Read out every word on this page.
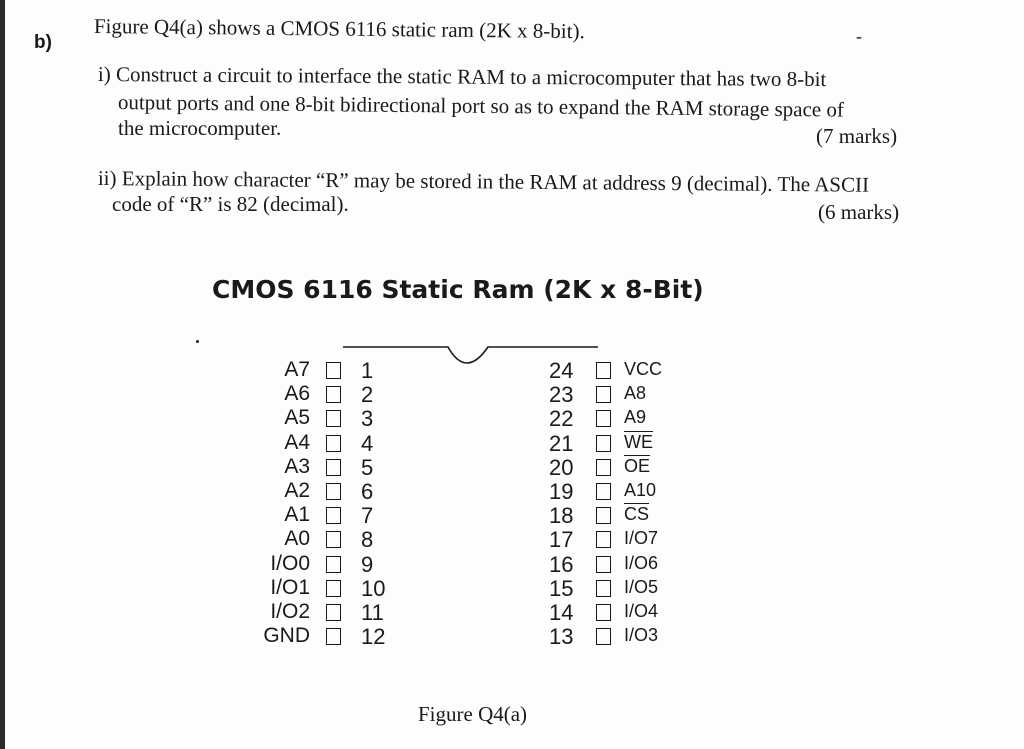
b)	-
Figure Q4(a) shows a CMOS 6116 static ram (2K x 8-bit).
i) Construct a circuit to interface the static RAM to a microcomputer that has two 8-bit
output ports and one 8-bit bidirectional port so as to expand the RAM storage space of
the microcomputer.	(7 marks)
ii) Explain how character “R” may be stored in the RAM at address 9 (decimal). The ASCII
code of “R” is 82 (decimal).	(6 marks)
CMOS 6116 Static Ram (2K x 8-Bit)
A7 1
A6 2
A5 3
A4 4
A3 5
A2 6
A1 7
A0 8
I/O0 9
I/O1 10
I/O2 11
GND 12
24	VCC
23	A8
22	A9
21	$\overline{WE}$
20	$\overline{OE}$
19	A10
18	$\overline{CS}$
17	I/O7
16	I/O6
15	I/O5
14	I/O4
13	I/O3
Figure Q4(a)
